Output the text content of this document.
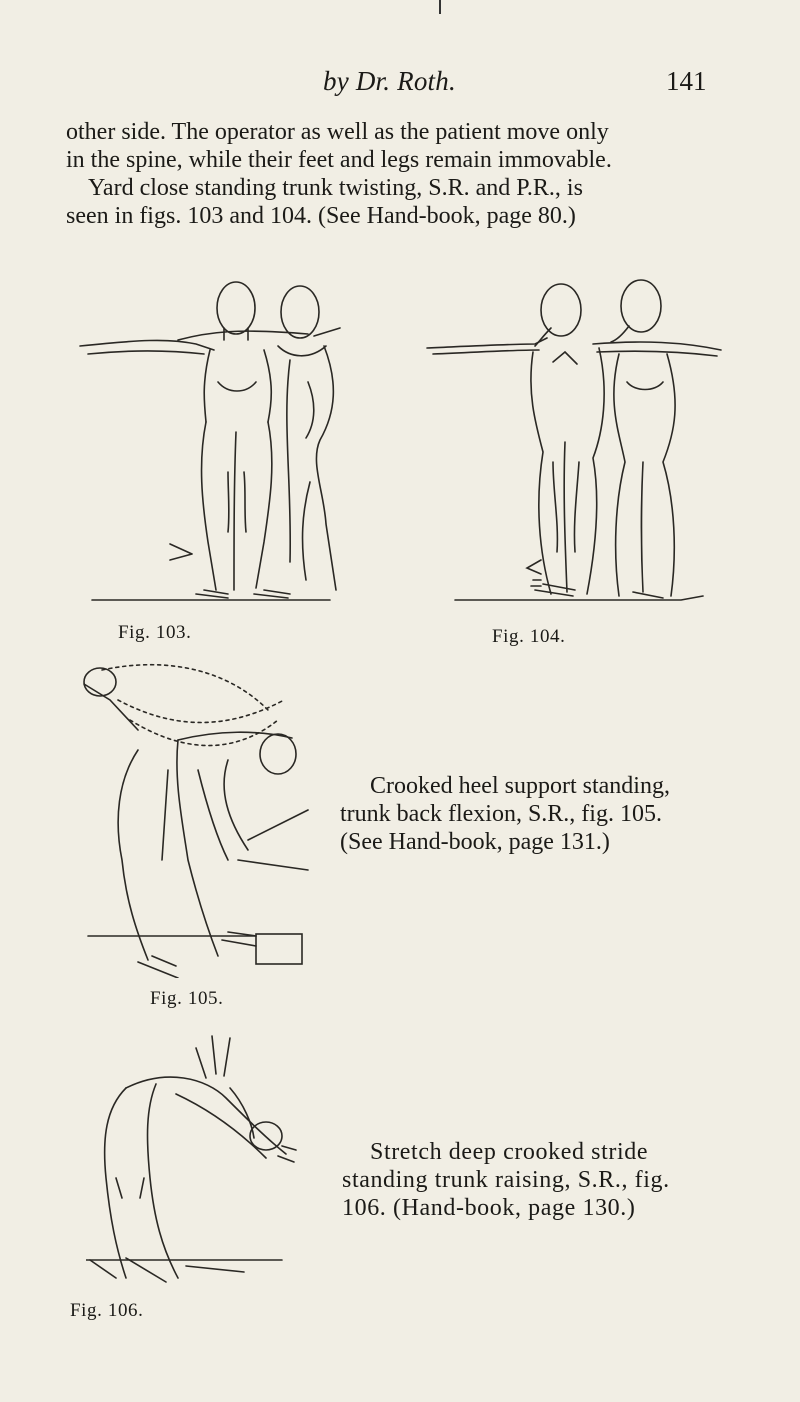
by Dr. Roth.	141
other side. The operator as well as the patient move only
in the spine, while their feet and legs remain immovable.
Yard close standing trunk twisting, S.R. and P.R., is
seen in figs. 103 and 104. (See Hand-book, page 80.)
Fig. 103.	Fig. 104.
Fig. 105.
Crooked heel support standing,
trunk back flexion, S.R., fig. 105.
(See Hand-book, page 131.)
Fig. 106.
Stretch deep crooked stride
standing trunk raising, S.R., fig.
106. (Hand-book, page 130.)
